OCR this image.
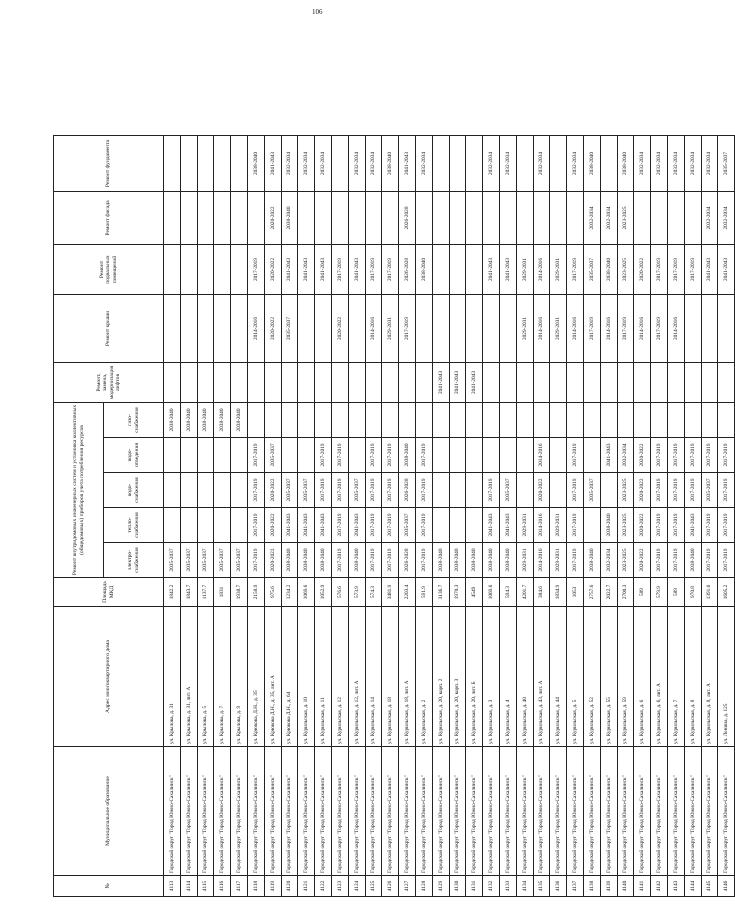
106
№	Муниципальное образование	Адрес многоквартирного дома	Площадь МКД	Ремонт внутридомовых инженерных систем и установка коллективных (общедомовых) приборов учета потребления ресурсов					Ремонт, замена, модернизация лифтов	Ремонт крыши	Ремонт подвальных помещений	Ремонт фасада	Ремонт фундамента
				электро-снабжения	тепло-снабжения	водо-снабжения	водо-отведения	газо-снабжения					
4113	Городской округ "Город Южно-Сахалинск"	ул. Крылова, д. 31	1842.2	2035-2037				2038-2040					
4114	Городской округ "Город Южно-Сахалинск"	ул. Крылова, д. 31, лит. А	1843.7	2035-2037				2038-2040					
4115	Городской округ "Город Южно-Сахалинск"	ул. Крылова, д. 5	1137.7	2035-2037				2038-2040					
4116	Городской округ "Город Южно-Сахалинск"	ул. Крылова, д. 7	1831	2035-2037				2038-2040					
4117	Городской округ "Город Южно-Сахалинск"	ул. Крылова, д. 9	1938.7	2035-2037				2038-2040					
4118	Городской округ "Город Южно-Сахалинск"	ул. Крюкова, Д.Н., д. 35	2158.9	2017-2019	2017-2019	2017-2019	2017-2019			2014-2016	2017-2019		2038-2040
4119	Городской округ "Город Южно-Сахалинск"	ул. Крюкова Д.Н., д. 35, лит. А	975.6	2020-2022	2020-2022	2020-2022	2035-2037			2020-2022	2020-2022	2020-2022	2041-2043
4120	Городской округ "Город Южно-Сахалинск"	ул. Крюкова Д.Н., д. 64	1234.2	2038-2040	2041-2043	2035-2037				2035-2037	2041-2043	2038-2040	2032-2034
4121	Городской округ "Город Южно-Сахалинск"	ул. Курильская, д. 10	1069.6	2038-2040	2041-2043	2035-2037					2041-2043		2032-2034
4122	Городской округ "Город Южно-Сахалинск"	ул. Курильская, д. 11	1052.9	2038-2040	2041-2043	2017-2019	2017-2019				2041-2043		2032-2034
4123	Городской округ "Город Южно-Сахалинск"	ул. Курильская, д. 12	576.6	2017-2019	2017-2019	2017-2019	2017-2019			2020-2022	2017-2019		
4124	Городской округ "Город Южно-Сахалинск"	ул. Курильская, д. 12, лит. А	573.9	2038-2040	2041-2043	2035-2037					2041-2043		2032-2034
4125	Городской округ "Город Южно-Сахалинск"	ул. Курильская, д. 14	574.3	2017-2019	2017-2019	2017-2019	2017-2019			2014-2016	2017-2019		2032-2034
4126	Городской округ "Город Южно-Сахалинск"	ул. Курильская, д. 18	3481.9	2017-2019	2017-2019	2017-2019	2017-2019			2029-2031	2017-2019		2038-2040
4127	Городской округ "Город Южно-Сахалинск"	ул. Курильская, д. 18, лит. А	2203.4	2026-2028	2035-2037	2026-2028	2038-2040			2017-2019	2026-2028	2026-2028	2041-2043
4128	Городской округ "Город Южно-Сахалинск"	ул. Курильская, д. 2	591.9	2017-2019	2017-2019	2017-2019	2017-2019				2038-2040		2032-2034
4129	Городской округ "Город Южно-Сахалинск"	ул. Курильская, д. 20, корп. 2	3136.7	2038-2040					2041-2043				
4130	Городской округ "Город Южно-Сахалинск"	ул. Курильская, д. 20, корп. 3	1970.3	2038-2040					2041-2043				
4131	Городской округ "Город Южно-Сахалинск"	ул. Курильская, д. 20, лит. Б	4549	2038-2040					2041-2043				
4132	Городской округ "Город Южно-Сахалинск"	ул. Курильская, д. 3	1069.6	2038-2040	2041-2043	2017-2019					2041-2043		2032-2034
4133	Городской округ "Город Южно-Сахалинск"	ул. Курильская, д. 4	594.3	2038-2040	2041-2043	2035-2037					2041-2043		2032-2034
4134	Городской округ "Город Южно-Сахалинск"	ул. Курильская, д. 40	4201.7	2029-2031	2029-2031					2029-2031	2029-2031		
4135	Городской округ "Город Южно-Сахалинск"	ул. Курильская, д. 43, лит. А	384.6	2014-2016	2014-2016	2020-2022	2014-2016			2014-2016	2014-2016		2032-2034
4136	Городской округ "Город Южно-Сахалинск"	ул. Курильская, д. 44	1834.9	2029-2031	2029-2031					2029-2031	2029-2031		
4137	Городской округ "Город Южно-Сахалинск"	ул. Курильская, д. 5	1053	2017-2019	2017-2019	2017-2019	2017-2019			2014-2016	2017-2019		2032-2034
4138	Городской округ "Город Южно-Сахалинск"	ул. Курильская, д. 52	2757.6	2038-2040		2035-2037				2017-2019	2035-2037	2032-2034	2038-2040
4139	Городской округ "Город Южно-Сахалинск"	ул. Курильская, д. 55	2022.7	2032-2034	2038-2040		2041-2043			2014-2016	2038-2040	2032-2034	
4140	Городской округ "Город Южно-Сахалинск"	ул. Курильская, д. 59	2700.3	2023-2025	2023-2025	2023-2025	2032-2034			2017-2019	2023-2025	2023-2025	2038-2040
4141	Городской округ "Город Южно-Сахалинск"	ул. Курильская, д. 6	589	2020-2022	2020-2022	2020-2022	2020-2022			2014-2016	2020-2022		2032-2034
4142	Городской округ "Город Южно-Сахалинск"	ул. Курильская, д. 6, лит. А	579.9	2017-2019	2017-2019	2017-2019	2017-2019			2017-2019	2017-2019		2032-2034
4143	Городской округ "Город Южно-Сахалинск"	ул. Курильская, д. 7	589	2017-2019	2017-2019	2017-2019	2017-2019			2014-2016	2017-2019		2032-2034
4144	Городской округ "Город Южно-Сахалинск"	ул. Курильская, д. 8	970.8	2038-2040	2041-2043	2017-2019	2017-2019				2017-2019		2032-2034
4145	Городской округ "Город Южно-Сахалинск"	ул. Курильская, д. 8, лит. А	1391.6	2017-2019	2017-2019	2035-2037	2017-2019				2041-2043	2032-2034	2032-2034
4146	Городской округ "Город Южно-Сахалинск"	ул. Ленина, д. 125	1605.2	2017-2019	2017-2019	2017-2019	2017-2019				2041-2043	2032-2034	2035-2037
